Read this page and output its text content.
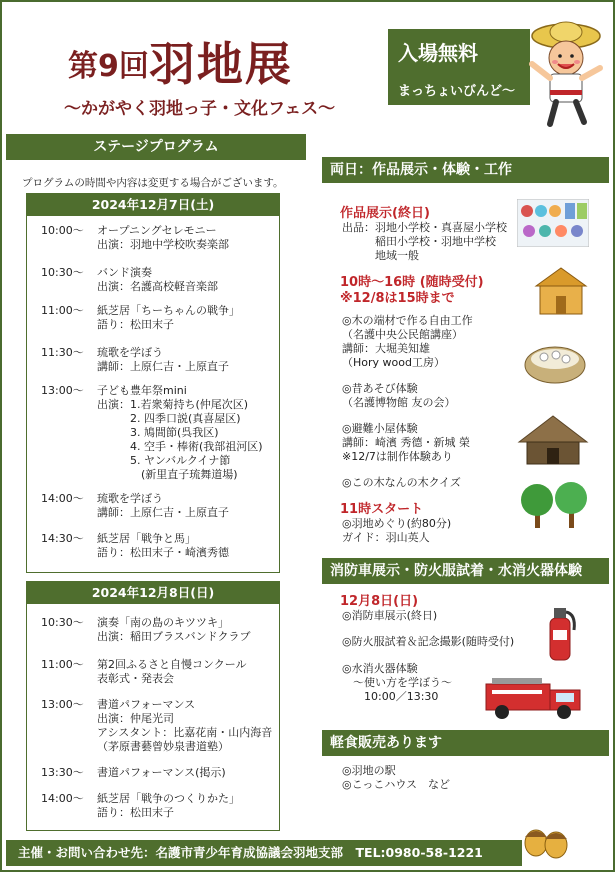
第9回羽地展
〜かがやく羽地っ子・文化フェス〜
入場無料
まっちょいびんど〜
ステージプログラム
プログラムの時間や内容は変更する場合がございます。
2024年12月7日(土)
10:00〜 オープニングセレモニー
出演：羽地中学校吹奏楽部
10:30〜 バンド演奏
出演：名護高校軽音楽部
11:00〜 紙芝居「ちーちゃんの戦争」
語り：松田末子
11:30〜 琉歌を学ぼう
講師：上原仁吉・上原直子
13:00〜 子ども豊年祭mini
出演：1.若衆菊持ち(仲尾次区)
　　　2. 四季口説(真喜屋区)
　　　3. 鳩間節(呉我区)
　　　4. 空手・棒術(我部祖河区)
　　　5. ヤンバルクイナ節
　　　　(新里直子琉舞道場)
14:00〜 琉歌を学ぼう
講師：上原仁吉・上原直子
14:30〜 紙芝居「戦争と馬」
語り：松田末子・崎濱秀德
2024年12月8日(日)
10:30〜 演奏「南の島のキツツキ」
出演：稲田ブラスバンドクラブ
11:00〜 第2回ふるさと自慢コンクール
表彰式・発表会
13:00〜 書道パフォーマンス
出演：仲尾光司
アシスタント：比嘉花南・山内海音
（茅原書藝曾妙泉書道塾）
13:30〜 書道パフォーマンス(掲示)
14:00〜 紙芝居「戦争のつくりかた」
語り：松田末子
両日：作品展示・体験・工作
作品展示(終日)
出品：羽地小学校・真喜屋小学校
　　　稲田小学校・羽地中学校
　　　地域一般
10時〜16時 (随時受付)
※12/8は15時まで
◎木の端材で作る自由工作
（名護中央公民館講座）
講師：大堀美知雄
（Hory wood工房）
◎昔あそび体験
（名護博物館 友の会）
◎避難小屋体験
講師：崎濱 秀德・新城 榮
※12/7は制作体験あり
◎この木なんの木クイズ
11時スタート
◎羽地めぐり(約80分)
ガイド：羽山英人
消防車展示・防火服試着・水消火器体験
12月8日(日)
◎消防車展示(終日)
◎防火服試着＆記念撮影(随時受付)
◎水消火器体験
　〜使い方を学ぼう〜
　　10:00／13:30
軽食販売あります
◎羽地の駅
◎こっこハウス　など
主催・お問い合わせ先：名護市青少年育成協議会羽地支部　TEL:0980-58-1221
